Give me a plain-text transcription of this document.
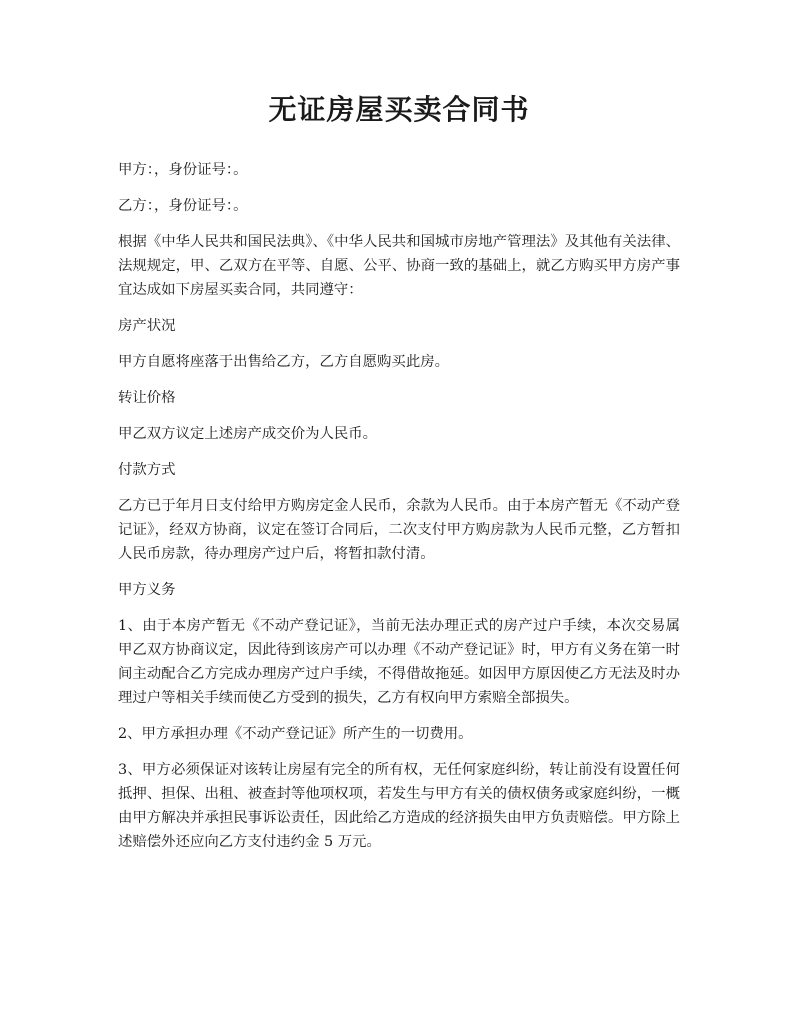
无证房屋买卖合同书

甲方：，身份证号：。

乙方：，身份证号：。

根据《中华人民共和国民法典》、《中华人民共和国城市房地产管理法》及其他有关法律、法规规定，甲、乙双方在平等、自愿、公平、协商一致的基础上，就乙方购买甲方房产事宜达成如下房屋买卖合同，共同遵守：

房产状况

甲方自愿将座落于出售给乙方，乙方自愿购买此房。

转让价格

甲乙双方议定上述房产成交价为人民币。

付款方式

乙方已于年月日支付给甲方购房定金人民币，余款为人民币。由于本房产暂无《不动产登记证》，经双方协商，议定在签订合同后，二次支付甲方购房款为人民币元整，乙方暂扣人民币房款，待办理房产过户后，将暂扣款付清。

甲方义务

1、由于本房产暂无《不动产登记证》，当前无法办理正式的房产过户手续，本次交易属甲乙双方协商议定，因此待到该房产可以办理《不动产登记证》时，甲方有义务在第一时间主动配合乙方完成办理房产过户手续，不得借故拖延。如因甲方原因使乙方无法及时办理过户等相关手续而使乙方受到的损失，乙方有权向甲方索赔全部损失。

2、甲方承担办理《不动产登记证》所产生的一切费用。

3、甲方必须保证对该转让房屋有完全的所有权，无任何家庭纠纷，转让前没有设置任何抵押、担保、出租、被查封等他项权项，若发生与甲方有关的债权债务或家庭纠纷，一概由甲方解决并承担民事诉讼责任，因此给乙方造成的经济损失由甲方负责赔偿。甲方除上述赔偿外还应向乙方支付违约金 5 万元。
